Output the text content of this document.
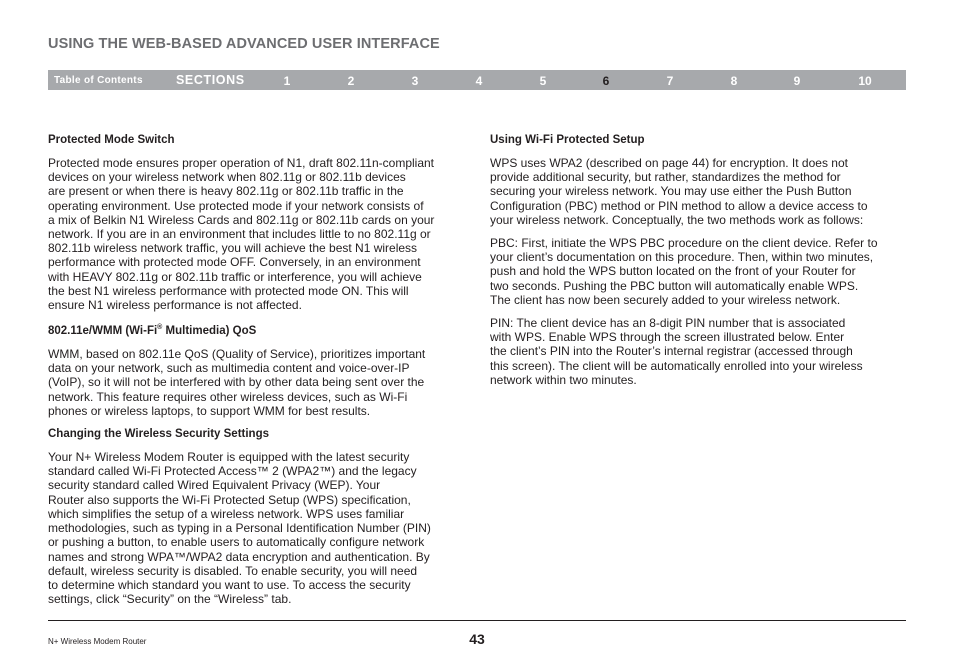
USING THE WEB-BASED ADVANCED USER INTERFACE
Table of Contents	SECTIONS	1	2	3	4	5	6	7	8	9	10
Protected Mode Switch

Protected mode ensures proper operation of N1, draft 802.11n-compliant
devices on your wireless network when 802.11g or 802.11b devices
are present or when there is heavy 802.11g or 802.11b traffic in the
operating environment. Use protected mode if your network consists of
a mix of Belkin N1 Wireless Cards and 802.11g or 802.11b cards on your
network. If you are in an environment that includes little to no 802.11g or
802.11b wireless network traffic, you will achieve the best N1 wireless
performance with protected mode OFF. Conversely, in an environment
with HEAVY 802.11g or 802.11b traffic or interference, you will achieve
the best N1 wireless performance with protected mode ON. This will
ensure N1 wireless performance is not affected.

802.11e/WMM (Wi-Fi® Multimedia) QoS

WMM, based on 802.11e QoS (Quality of Service), prioritizes important
data on your network, such as multimedia content and voice-over-IP
(VoIP), so it will not be interfered with by other data being sent over the
network. This feature requires other wireless devices, such as Wi-Fi
phones or wireless laptops, to support WMM for best results.

Changing the Wireless Security Settings

Your N+ Wireless Modem Router is equipped with the latest security
standard called Wi-Fi Protected Access™ 2 (WPA2™) and the legacy
security standard called Wired Equivalent Privacy (WEP). Your
Router also supports the Wi-Fi Protected Setup (WPS) specification,
which simplifies the setup of a wireless network. WPS uses familiar
methodologies, such as typing in a Personal Identification Number (PIN)
or pushing a button, to enable users to automatically configure network
names and strong WPA™/WPA2 data encryption and authentication. By
default, wireless security is disabled. To enable security, you will need
to determine which standard you want to use. To access the security
settings, click “Security” on the “Wireless” tab.

Using Wi-Fi Protected Setup

WPS uses WPA2 (described on page 44) for encryption. It does not
provide additional security, but rather, standardizes the method for
securing your wireless network. You may use either the Push Button
Configuration (PBC) method or PIN method to allow a device access to
your wireless network. Conceptually, the two methods work as follows:

PBC: First, initiate the WPS PBC procedure on the client device. Refer to
your client’s documentation on this procedure. Then, within two minutes,
push and hold the WPS button located on the front of your Router for
two seconds. Pushing the PBC button will automatically enable WPS.
The client has now been securely added to your wireless network.

PIN: The client device has an 8-digit PIN number that is associated
with WPS. Enable WPS through the screen illustrated below. Enter
the client’s PIN into the Router’s internal registrar (accessed through
this screen). The client will be automatically enrolled into your wireless
network within two minutes.

N+ Wireless Modem Router	43
